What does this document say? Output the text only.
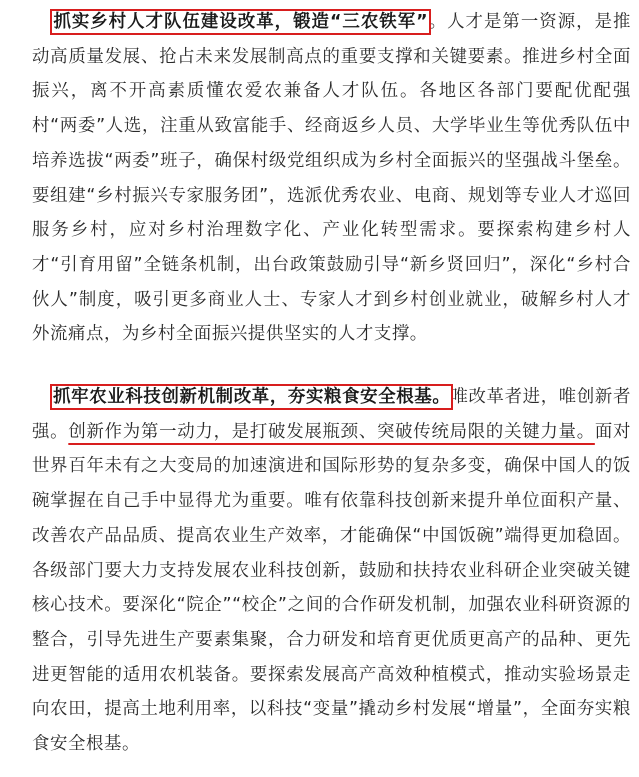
抓实乡村人才队伍建设改革，锻造“三农铁军”。人才是第一资源，是推动高质量发展、抢占未来发展制高点的重要支撑和关键要素。推进乡村全面振兴，离不开高素质懂农爱农兼备人才队伍。各地区各部门要配优配强村“两委”人选，注重从致富能手、经商返乡人员、大学毕业生等优秀队伍中培养选拔“两委”班子，确保村级党组织成为乡村全面振兴的坚强战斗堡垒。要组建“乡村振兴专家服务团”，选派优秀农业、电商、规划等专业人才巡回服务乡村，应对乡村治理数字化、产业化转型需求。要探索构建乡村人才“引育用留”全链条机制，出台政策鼓励引导“新乡贤回归”，深化“乡村合伙人”制度，吸引更多商业人士、专家人才到乡村创业就业，破解乡村人才外流痛点，为乡村全面振兴提供坚实的人才支撑。

抓牢农业科技创新机制改革，夯实粮食安全根基。唯改革者进，唯创新者强。创新作为第一动力，是打破发展瓶颈、突破传统局限的关键力量。面对世界百年未有之大变局的加速演进和国际形势的复杂多变，确保中国人的饭碗掌握在自己手中显得尤为重要。唯有依靠科技创新来提升单位面积产量、改善农产品品质、提高农业生产效率，才能确保“中国饭碗”端得更加稳固。各级部门要大力支持发展农业科技创新，鼓励和扶持农业科研企业突破关键核心技术。要深化“院企”“校企”之间的合作研发机制，加强农业科研资源的整合，引导先进生产要素集聚，合力研发和培育更优质更高产的品种、更先进更智能的适用农机装备。要探索发展高产高效种植模式，推动实验场景走向农田，提高土地利用率，以科技“变量”撬动乡村发展“增量”，全面夯实粮食安全根基。
